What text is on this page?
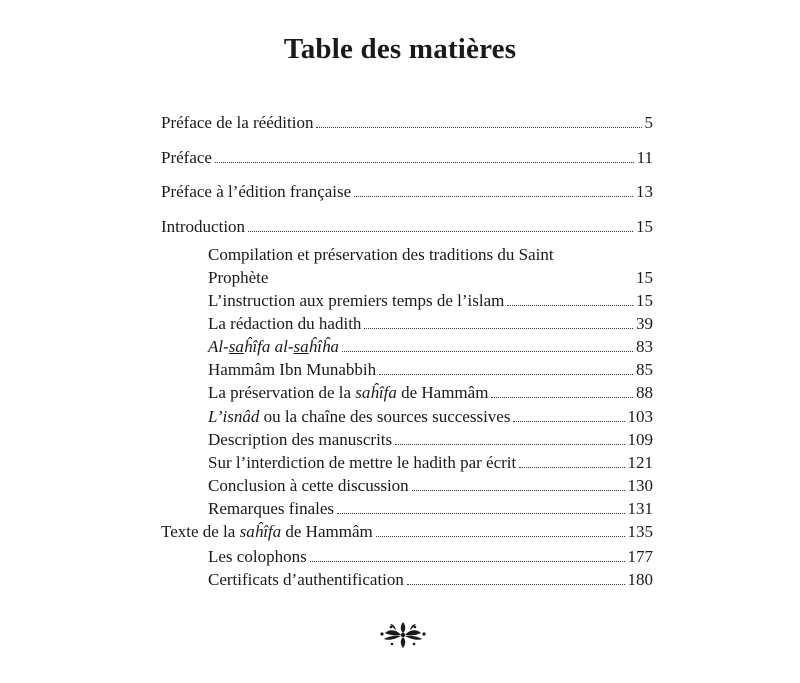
Table des matières
Préface de la réédition	5
Préface	11
Préface à l’édition française	13
Introduction	15
Compilation et préservation des traditions du Saint
Prophète	15
L’instruction aux premiers temps de l’islam	15
La rédaction du hadith	39
Al-saĥîfa al-saĥîĥa	83
Hammâm Ibn Munabbih	85
La préservation de la saĥîfa de Hammâm	88
L’isnâd ou la chaîne des sources successives	103
Description des manuscrits	109
Sur l’interdiction de mettre le hadith par écrit	121
Conclusion à cette discussion	130
Remarques finales	131
Texte de la saĥîfa de Hammâm	135
Les colophons	177
Certificats d’authentification	180
